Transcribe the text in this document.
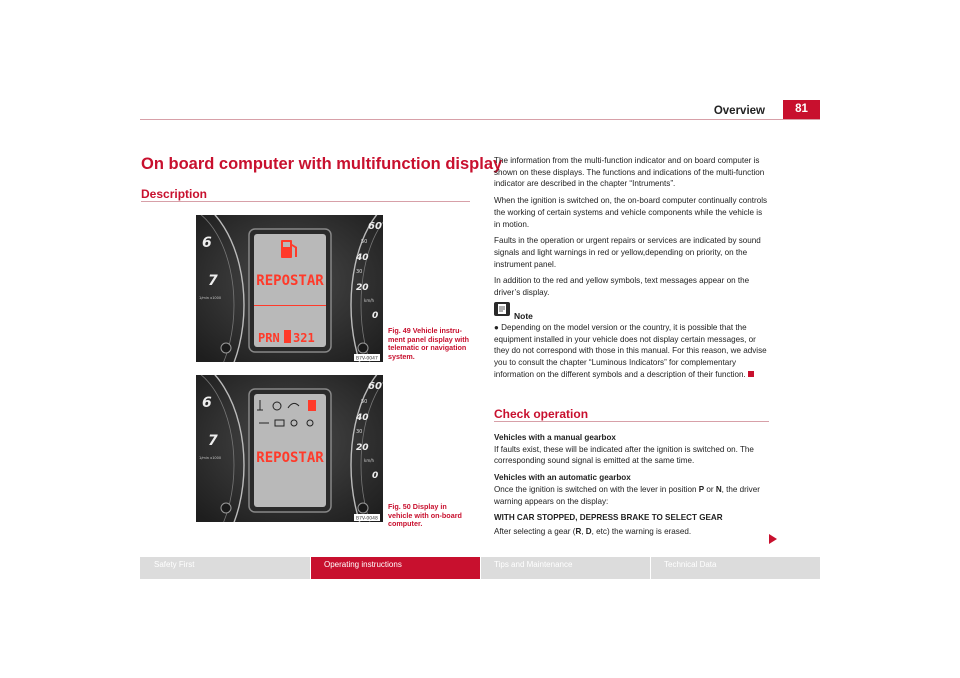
Overview	81
On board computer with multifunction display
Description
6
7
1/min x1000
60
50
40
30
20
km/h
0
REPOSTAR
PRN 321
B7V-0047
Fig. 49 Vehicle instru-ment panel display with telematic or navigation system.
6
7
1/min x1000
60
50
40
30
20
km/h
0
REPOSTAR
B7V-0048
Fig. 50 Display in vehicle with on-board computer.

The information from the multi-function indicator and on board computer is shown on these displays. The functions and indications of the multi-function indicator are described in the chapter “Intruments”.

When the ignition is switched on, the on-board computer continually controls the working of certain systems and vehicle components while the vehicle is in motion.

Faults in the operation or urgent repairs or services are indicated by sound signals and light warnings in red or yellow,depending on priority, on the instrument panel.

In addition to the red and yellow symbols, text messages appear on the driver’s display.

Note

● Depending on the model version or the country, it is possible that the equipment installed in your vehicle does not display certain messages, or they do not correspond with those in this manual. For this reason, we advise you to consult the chapter “Luminous Indicators” for complementary information on the different symbols and a description of their function.

Check operation

Vehicles with a manual gearbox

If faults exist, these will be indicated after the ignition is switched on. The corresponding sound signal is emitted at the same time.

Vehicles with an automatic gearbox

Once the ignition is switched on with the lever in position P or N, the driver warning appears on the display:

WITH CAR STOPPED, DEPRESS BRAKE TO SELECT GEAR

After selecting a gear (R, D, etc) the warning is erased.

Safety First	Operating instructions	Tips and Maintenance	Technical Data
